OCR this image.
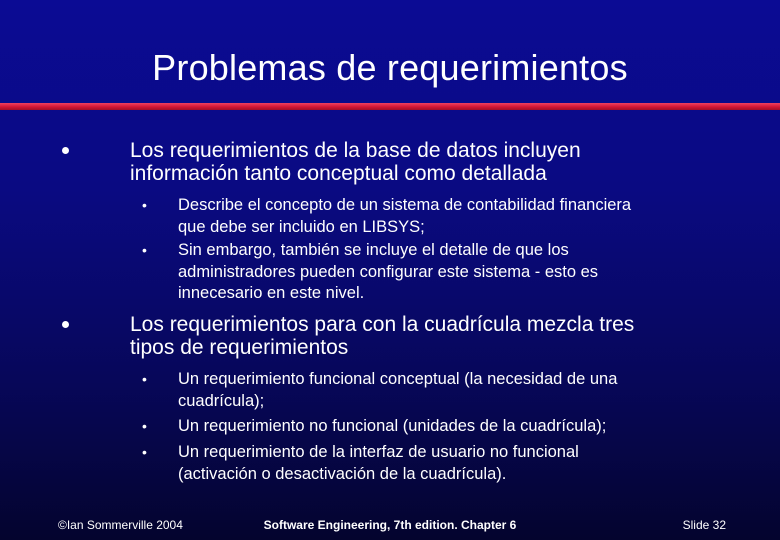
Problemas de requerimientos
Los requerimientos de la base de datos incluyen
información tanto conceptual como detallada
• Describe el concepto de un sistema de contabilidad financiera
que debe ser incluido en LIBSYS;
• Sin embargo, también se incluye el detalle de que los
administradores pueden configurar este sistema - esto es
innecesario en este nivel.
Los requerimientos para con la cuadrícula mezcla tres
tipos de requerimientos
• Un requerimiento funcional conceptual (la necesidad de una
cuadrícula);
• Un requerimiento no funcional (unidades de la cuadrícula);
• Un requerimiento de la interfaz de usuario no funcional
(activación o desactivación de la cuadrícula).
©Ian Sommerville 2004	Software Engineering, 7th edition. Chapter 6	Slide 32
